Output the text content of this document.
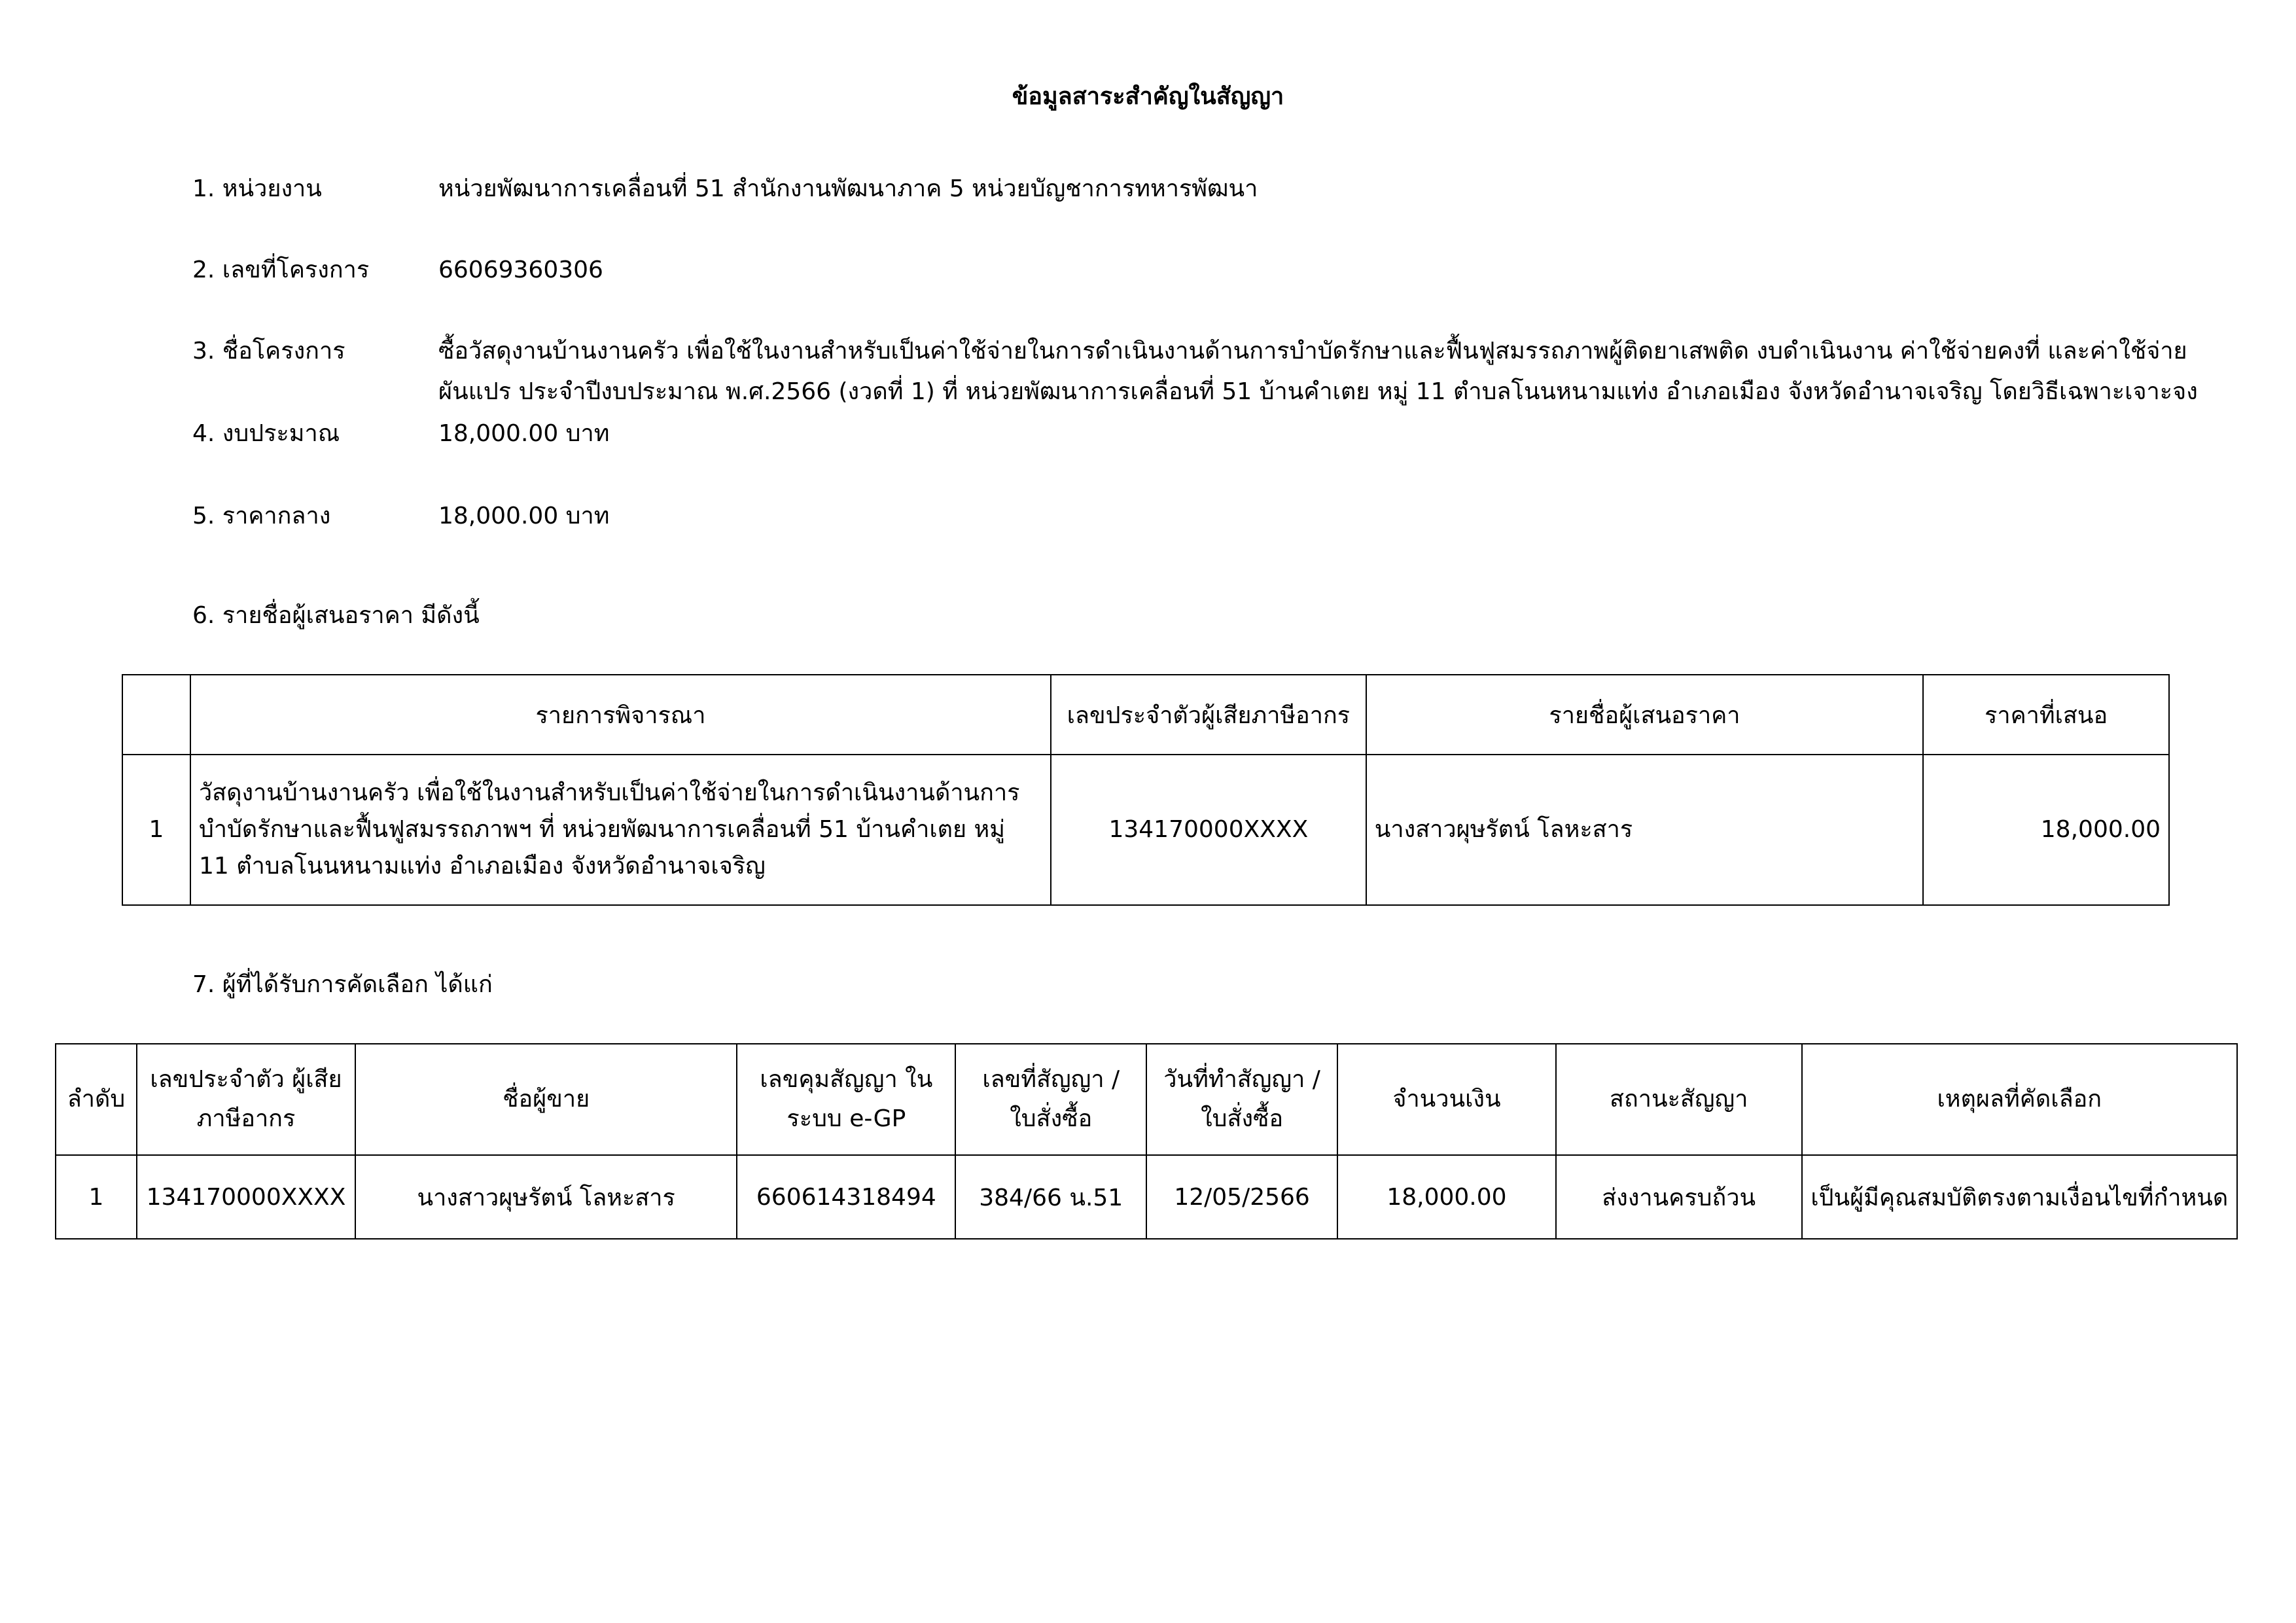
ข้อมูลสาระสำคัญในสัญญา
1. หน่วยงาน	หน่วยพัฒนาการเคลื่อนที่ 51 สำนักงานพัฒนาภาค 5 หน่วยบัญชาการทหารพัฒนา
2. เลขที่โครงการ	66069360306
3. ชื่อโครงการ	ซื้อวัสดุงานบ้านงานครัว เพื่อใช้ในงานสำหรับเป็นค่าใช้จ่ายในการดำเนินงานด้านการบำบัดรักษาและฟื้นฟูสมรรถภาพผู้ติดยาเสพติด งบดำเนินงาน ค่าใช้จ่ายคงที่ และค่าใช้จ่ายผันแปร ประจำปีงบประมาณ พ.ศ.2566 (งวดที่ 1) ที่ หน่วยพัฒนาการเคลื่อนที่ 51 บ้านคำเตย หมู่ 11 ตำบลโนนหนามแท่ง อำเภอเมือง จังหวัดอำนาจเจริญ โดยวิธีเฉพาะเจาะจง
4. งบประมาณ	18,000.00 บาท
5. ราคากลาง	18,000.00 บาท
6. รายชื่อผู้เสนอราคา มีดังนี้
	รายการพิจารณา	เลขประจำตัวผู้เสียภาษีอากร	รายชื่อผู้เสนอราคา	ราคาที่เสนอ
1	วัสดุงานบ้านงานครัว เพื่อใช้ในงานสำหรับเป็นค่าใช้จ่ายในการดำเนินงานด้านการบำบัดรักษาและฟื้นฟูสมรรถภาพฯ ที่ หน่วยพัฒนาการเคลื่อนที่ 51 บ้านคำเตย หมู่ 11 ตำบลโนนหนามแท่ง อำเภอเมือง จังหวัดอำนาจเจริญ	134170000XXXX	นางสาวผุษรัตน์ โลหะสาร	18,000.00
7. ผู้ที่ได้รับการคัดเลือก ได้แก่
ลำดับ	เลขประจำตัว ผู้เสียภาษีอากร	ชื่อผู้ขาย	เลขคุมสัญญา ในระบบ e-GP	เลขที่สัญญา / ใบสั่งซื้อ	วันที่ทำสัญญา / ใบสั่งซื้อ	จำนวนเงิน	สถานะสัญญา	เหตุผลที่คัดเลือก
1	134170000XXXX	นางสาวผุษรัตน์ โลหะสาร	660614318494	384/66 น.51	12/05/2566	18,000.00	ส่งงานครบถ้วน	เป็นผู้มีคุณสมบัติตรงตามเงื่อนไขที่กำหนด
